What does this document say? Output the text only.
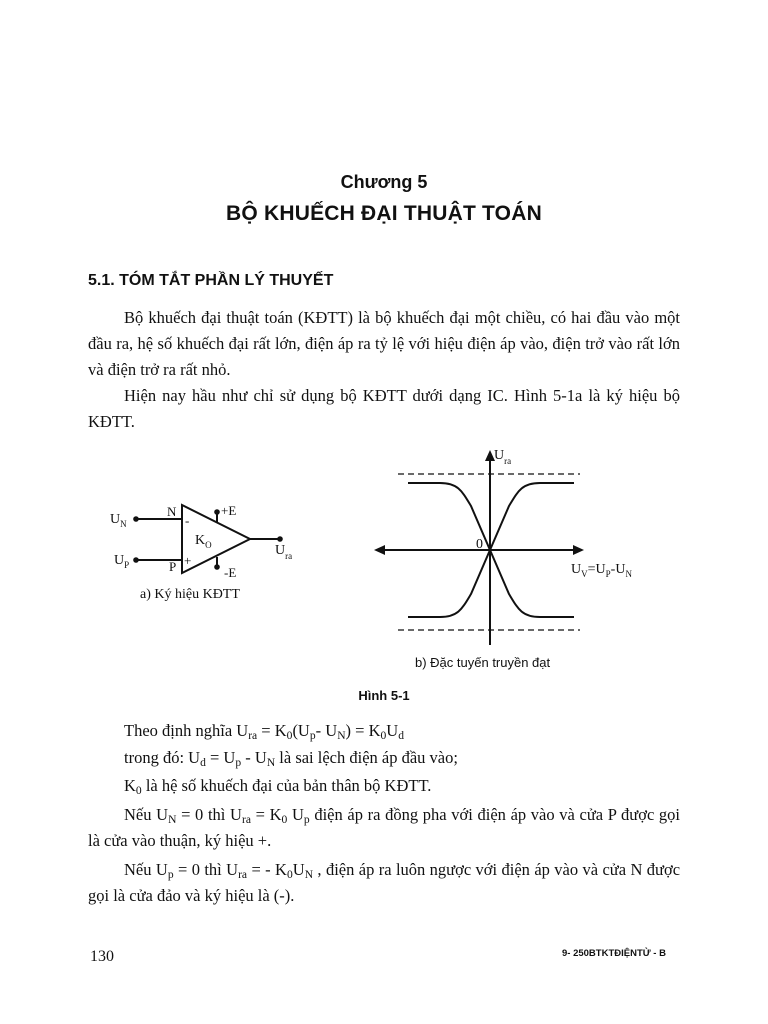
Chương 5
BỘ KHUẾCH ĐẠI THUẬT TOÁN
5.1. TÓM TẮT PHẦN LÝ THUYẾT
Bộ khuếch đại thuật toán (KĐTT) là bộ khuếch đại một chiều, có hai đầu vào một đầu ra, hệ số khuếch đại rất lớn, điện áp ra tỷ lệ với hiệu điện áp vào, điện trở vào rất lớn và điện trở ra rất nhỏ.
Hiện nay hầu như chỉ sử dụng bộ KĐTT dưới dạng IC. Hình 5-1a là ký hiệu bộ KĐTT.
$U_N$
$U_P$
N
P
-
+
+E
-E
$K_O$	$U_{ra}$
a) Ký hiệu KĐTT
$U_{ra}$
0
$U_V=U_P-U_N$
b) Đặc tuyến truyền đạt
Hình 5-1
Theo định nghĩa $U_{ra} = K_0(U_p-$ $U_N) = K_0U_d$
trong đó: $U_d = U_p - U_N$ là sai lệch điện áp đầu vào;
$K_0$ là hệ số khuếch đại của bản thân bộ KĐTT.
Nếu $U_N = 0$ thì $U_{ra} = K_0$ $U_p$ điện áp ra đồng pha với điện áp vào và cửa P được gọi là cửa vào thuận, ký hiệu +.
Nếu $U_p = 0$ thì $U_{ra}$ = - $K_0U_N$ , điện áp ra luôn ngược với điện áp vào và cửa N được gọi là cửa đảo và ký hiệu là (-).
130	9- 250BTKTĐIỆNTỬ - B
